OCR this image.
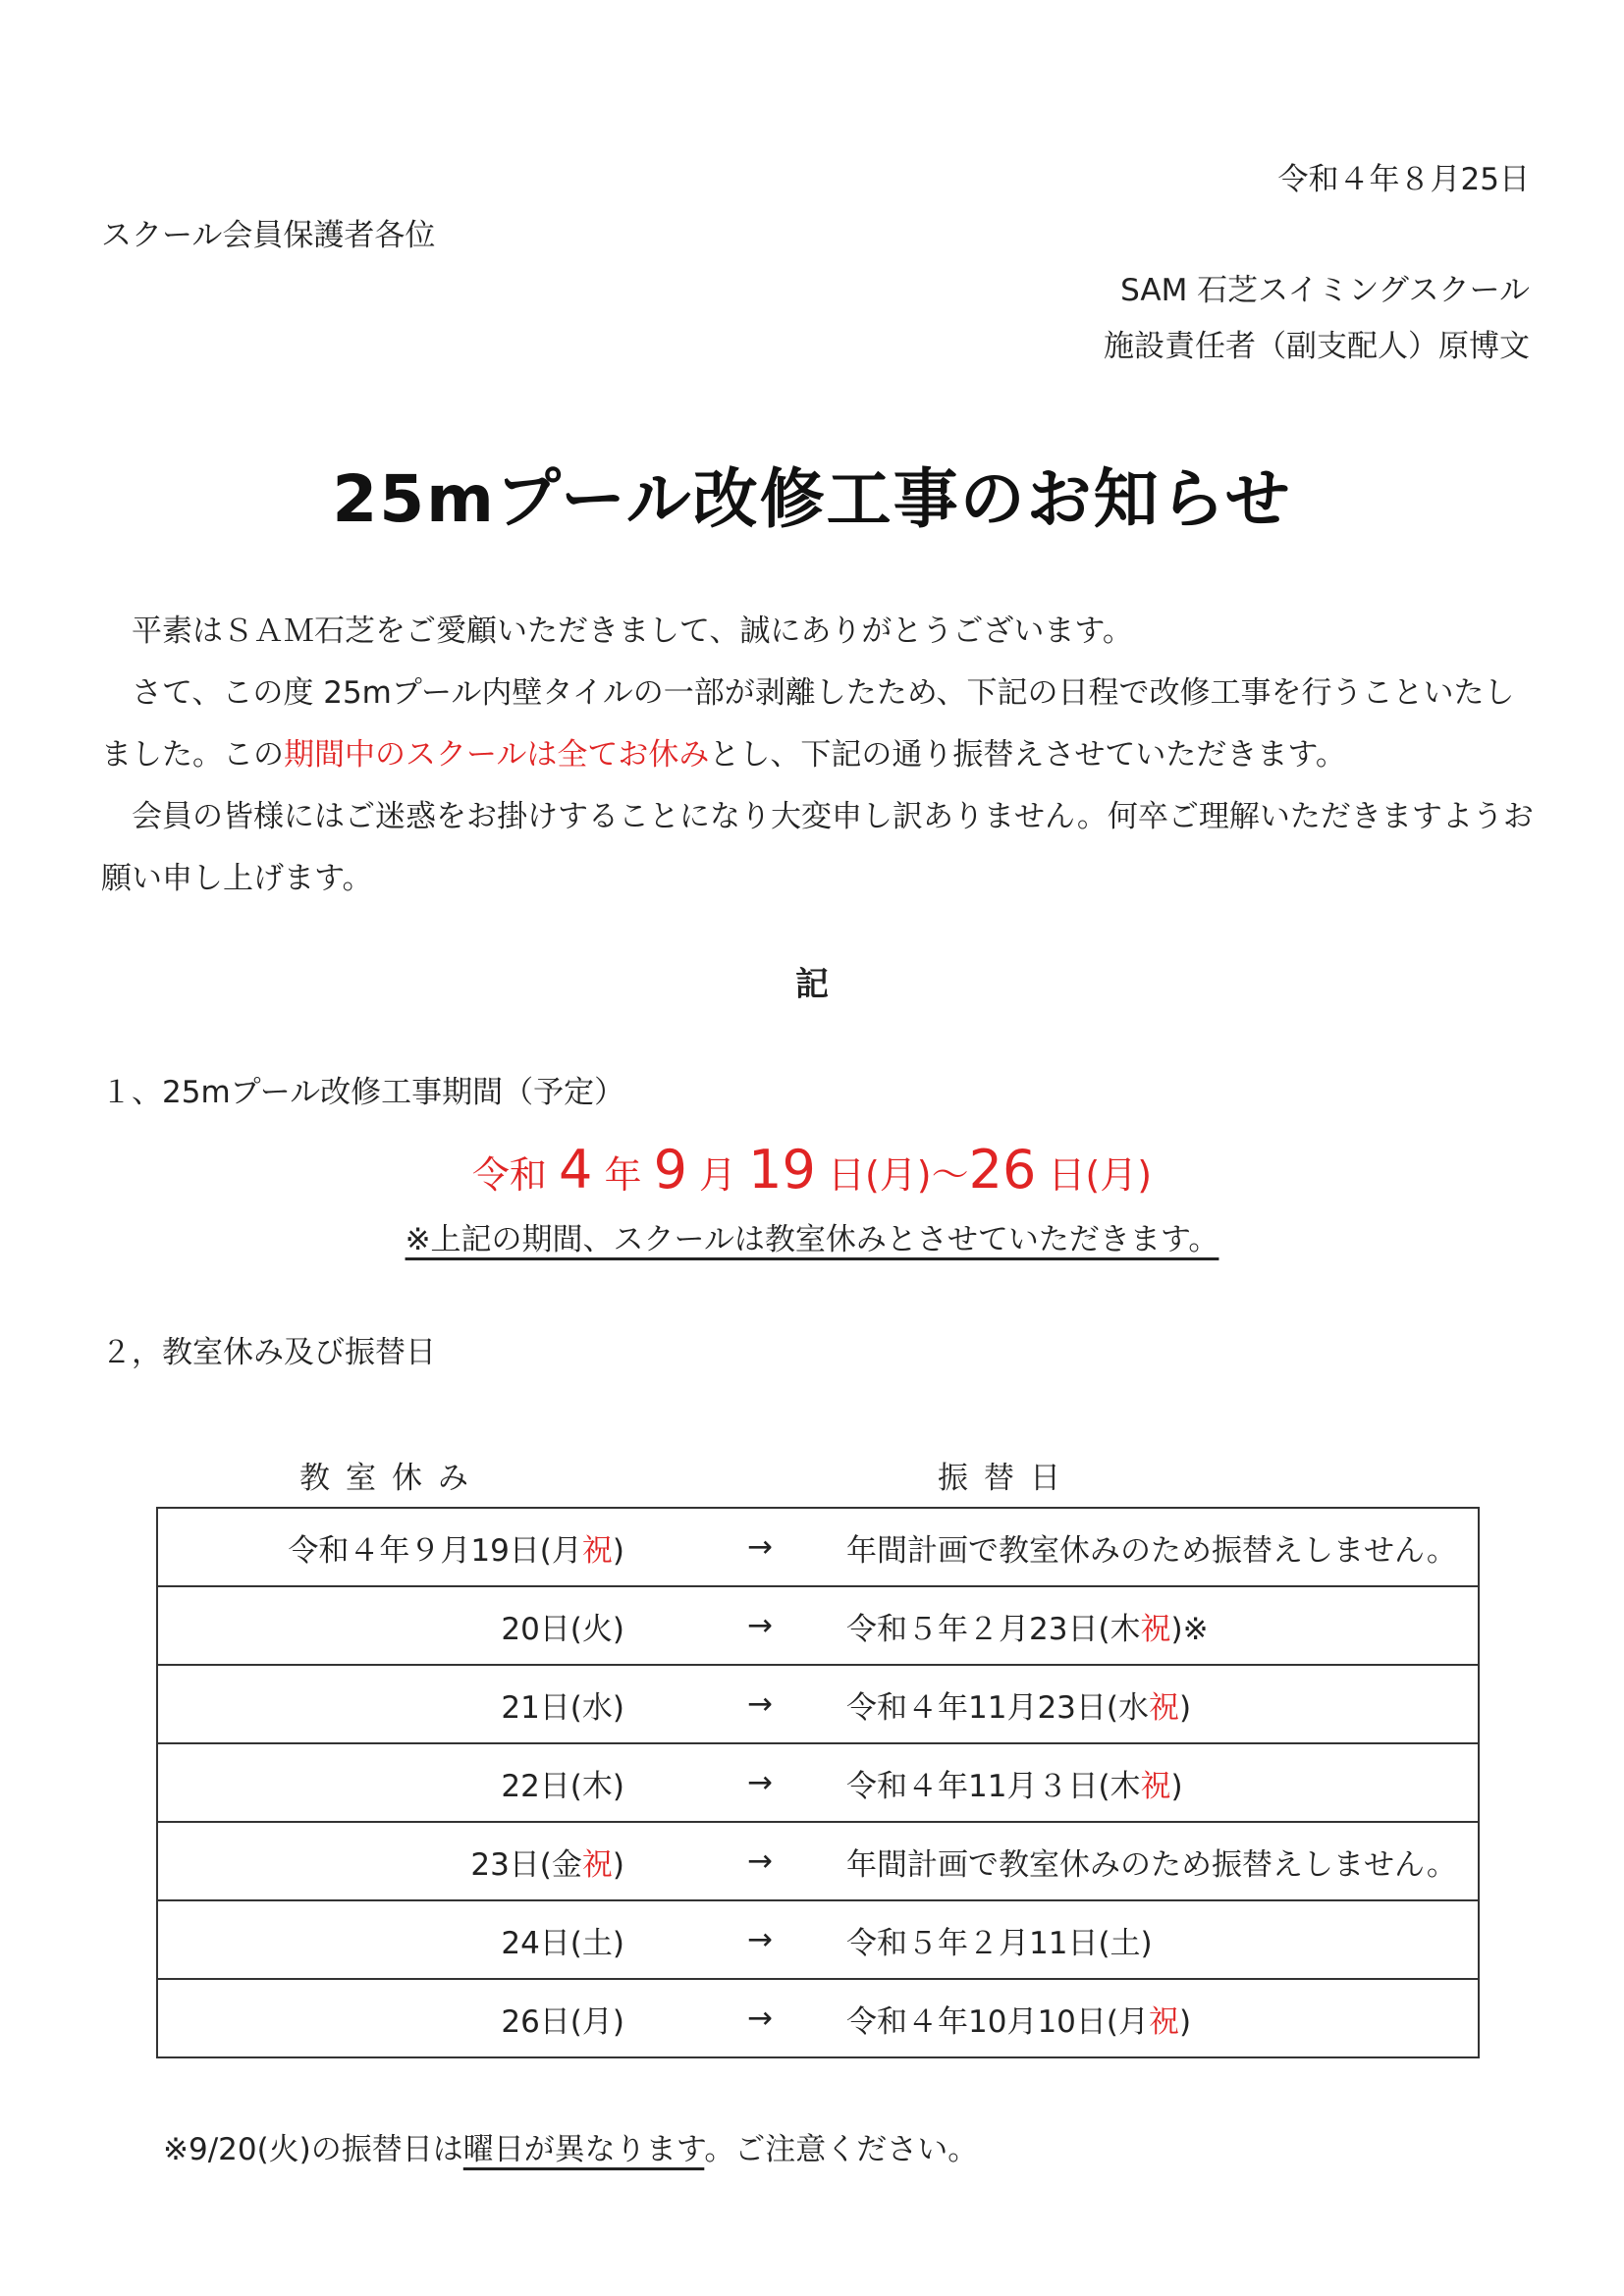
令和４年８月25日
スクール会員保護者各位
SAM 石芝スイミングスクール
施設責任者（副支配人）原博文
25mプール改修工事のお知らせ
平素はＳＡＭ石芝をご愛顧いただきまして、誠にありがとうございます。
さて、この度 25mプール内壁タイルの一部が剥離したため、下記の日程で改修工事を行うこといたしました。この期間中のスクールは全てお休みとし、下記の通り振替えさせていただきます。
会員の皆様にはご迷惑をお掛けすることになり大変申し訳ありません。何卒ご理解いただきますようお願い申し上げます。
記
１、25mプール改修工事期間（予定）
令和 4 年 9 月 19 日(月)～26 日(月)
※上記の期間、スクールは教室休みとさせていただきます。
２，教室休み及び振替日
教室休み	振替日
令和４年９月19日(月祝)	→	年間計画で教室休みのため振替えしません。
20日(火)	→	令和５年２月23日(木祝)※
21日(水)	→	令和４年11月23日(水祝)
22日(木)	→	令和４年11月３日(木祝)
23日(金祝)	→	年間計画で教室休みのため振替えしません。
24日(土)	→	令和５年２月11日(土)
26日(月)	→	令和４年10月10日(月祝)
※9/20(火)の振替日は曜日が異なります。ご注意ください。
